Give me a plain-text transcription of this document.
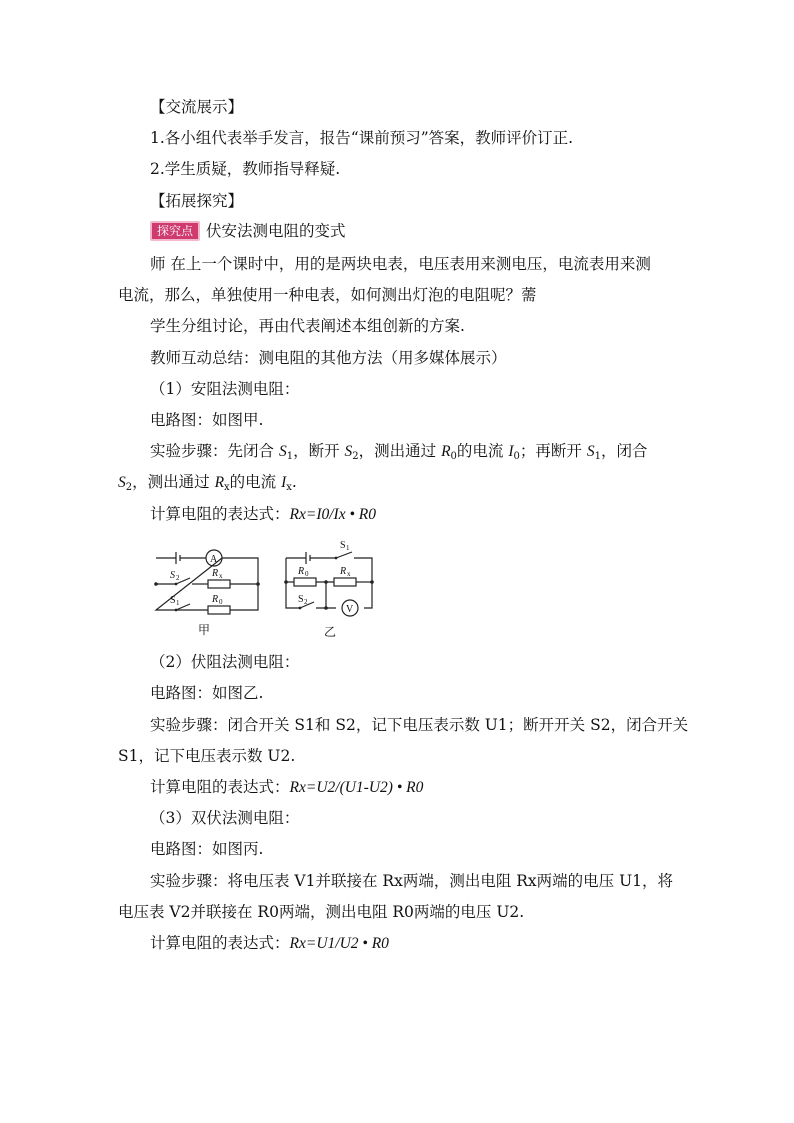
【交流展示】
1.各小组代表举手发言，报告“课前预习”答案，教师评价订正.
2.学生质疑，教师指导释疑.
【拓展探究】
探究点 伏安法测电阻的变式
师 在上一个课时中，用的是两块电表，电压表用来测电压，电流表用来测
电流，那么，单独使用一种电表，如何测出灯泡的电阻呢？薷
学生分组讨论，再由代表阐述本组创新的方案.
教师互动总结：测电阻的其他方法（用多媒体展示）
（1）安阻法测电阻：
电路图：如图甲.
实验步骤：先闭合 $S_1$，断开 $S_2$，测出通过 $R_0$的电流 $I_0$；再断开 $S_1$，闭合
$S_2$，测出通过 $R_x$的电流 $I_x$.
计算电阻的表达式：Rx=I0/Ix • R0
A
V
S 2
S 1
R x
R 0
S 1
R 0	R x
S 2
甲	乙
（2）伏阻法测电阻：
电路图：如图乙.
实验步骤：闭合开关 S1和 S2，记下电压表示数 U1；断开开关 S2，闭合开关
S1，记下电压表示数 U2.
计算电阻的表达式：Rx=U2/(U1-U2) • R0
（3）双伏法测电阻：
电路图：如图丙.
实验步骤：将电压表 V1并联接在 Rx两端，测出电阻 Rx两端的电压 U1，将
电压表 V2并联接在 R0两端，测出电阻 R0两端的电压 U2.
计算电阻的表达式：Rx=U1/U2 • R0
